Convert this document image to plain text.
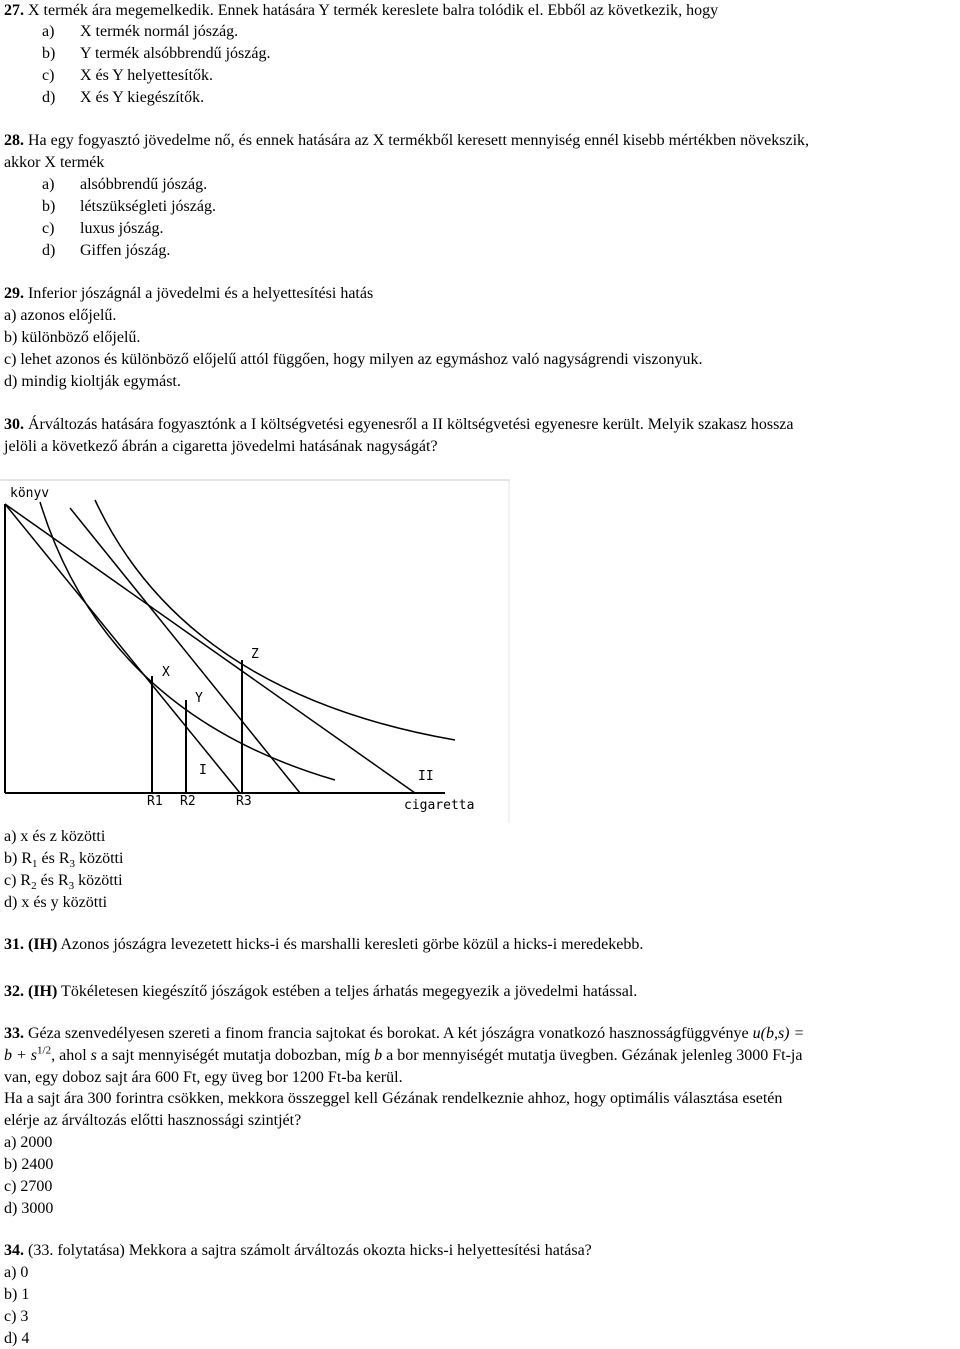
27. X termék ára megemelkedik. Ennek hatására Y termék kereslete balra tolódik el. Ebből az következik, hogy
a) X termék normál jószág.
b) Y termék alsóbbrendű jószág.
c) X és Y helyettesítők.
d) X és Y kiegészítők.
28. Ha egy fogyasztó jövedelme nő, és ennek hatására az X termékből keresett mennyiség ennél kisebb mértékben növekszik,
akkor X termék
a) alsóbbrendű jószág.
b) létszükségleti jószág.
c) luxus jószág.
d) Giffen jószág.
29. Inferior jószágnál a jövedelmi és a helyettesítési hatás
a) azonos előjelű.
b) különböző előjelű.
c) lehet azonos és különböző előjelű attól függően, hogy milyen az egymáshoz való nagyságrendi viszonyuk.
d) mindig kioltják egymást.
30. Árváltozás hatására fogyasztónk a I költségvetési egyenesről a II költségvetési egyenesre került. Melyik szakasz hossza
jelöli a következő ábrán a cigaretta jövedelmi hatásának nagyságát?
könyv
cigaretta
X
Y
Z
I	II
R1 R2	R3
a) x és z közötti
b) $R_1$ és $R_3$ közötti
c) $R_2$ és $R_3$ közötti
d) x és y közötti
31. (IH) Azonos jószágra levezetett hicks-i és marshalli keresleti görbe közül a hicks-i meredekebb.
32. (IH) Tökéletesen kiegészítő jószágok estében a teljes árhatás megegyezik a jövedelmi hatással.
33. Géza szenvedélyesen szereti a finom francia sajtokat és borokat. A két jószágra vonatkozó hasznosságfüggvénye u(b,s) =
$b + s^{1/2}$, ahol s a sajt mennyiségét mutatja dobozban, míg b a bor mennyiségét mutatja üvegben. Gézának jelenleg 3000 Ft-ja
van, egy doboz sajt ára 600 Ft, egy üveg bor 1200 Ft-ba kerül.
Ha a sajt ára 300 forintra csökken, mekkora összeggel kell Gézának rendelkeznie ahhoz, hogy optimális választása esetén
elérje az árváltozás előtti hasznossági szintjét?
a) 2000
b) 2400
c) 2700
d) 3000
34. (33. folytatása) Mekkora a sajtra számolt árváltozás okozta hicks-i helyettesítési hatása?
a) 0
b) 1
c) 3
d) 4
